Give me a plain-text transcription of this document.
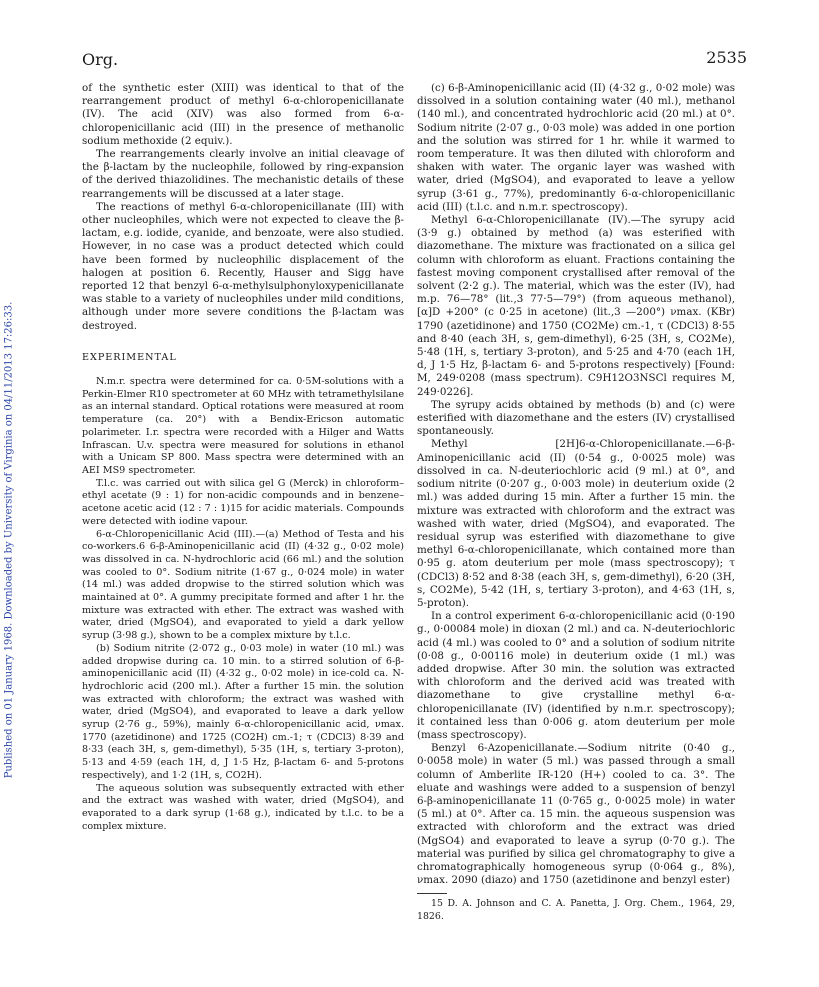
Org.	2535
Published on 01 January 1968. Downloaded by University of Virginia on 04/11/2013 17:26:33.

of the synthetic ester (XIII) was identical to that of the rearrangement product of methyl 6-α-chloropenicillanate (IV). The acid (XIV) was also formed from 6-α-chloropenicillanic acid (III) in the presence of methanolic sodium methoxide (2 equiv.).

The rearrangements clearly involve an initial cleavage of the β-lactam by the nucleophile, followed by ring-expansion of the derived thiazolidines. The mechanistic details of these rearrangements will be discussed at a later stage.

The reactions of methyl 6-α-chloropenicillanate (III) with other nucleophiles, which were not expected to cleave the β-lactam, e.g. iodide, cyanide, and benzoate, were also studied. However, in no case was a product detected which could have been formed by nucleophilic displacement of the halogen at position 6. Recently, Hauser and Sigg have reported 12 that benzyl 6-α-methylsulphonyloxypenicillanate was stable to a variety of nucleophiles under mild conditions, although under more severe conditions the β-lactam was destroyed.

EXPERIMENTAL

N.m.r. spectra were determined for ca. 0·5M-solutions with a Perkin-Elmer R10 spectrometer at 60 MHz with tetramethylsilane as an internal standard. Optical rotations were measured at room temperature (ca. 20°) with a Bendix-Ericson automatic polarimeter. I.r. spectra were recorded with a Hilger and Watts Infrascan. U.v. spectra were measured for solutions in ethanol with a Unicam SP 800. Mass spectra were determined with an AEI MS9 spectrometer.

T.l.c. was carried out with silica gel G (Merck) in chloroform–ethyl acetate (9 : 1) for non-acidic compounds and in benzene–acetone acetic acid (12 : 7 : 1)15 for acidic materials. Compounds were detected with iodine vapour.

6-α-Chloropenicillanic Acid (III).—(a) Method of Testa and his co-workers.6 6-β-Aminopenicillanic acid (II) (4·32 g., 0·02 mole) was dissolved in ca. N-hydrochloric acid (66 ml.) and the solution was cooled to 0°. Sodium nitrite (1·67 g., 0·024 mole) in water (14 ml.) was added dropwise to the stirred solution which was maintained at 0°. A gummy precipitate formed and after 1 hr. the mixture was extracted with ether. The extract was washed with water, dried (MgSO4), and evaporated to yield a dark yellow syrup (3·98 g.), shown to be a complex mixture by t.l.c.

(b) Sodium nitrite (2·072 g., 0·03 mole) in water (10 ml.) was added dropwise during ca. 10 min. to a stirred solution of 6-β-aminopenicillanic acid (II) (4·32 g., 0·02 mole) in ice-cold ca. N-hydrochloric acid (200 ml.). After a further 15 min. the solution was extracted with chloroform; the extract was washed with water, dried (MgSO4), and evaporated to leave a dark yellow syrup (2·76 g., 59%), mainly 6-α-chloropenicillanic acid, νmax. 1770 (azetidinone) and 1725 (CO2H) cm.-1; τ (CDCl3) 8·39 and 8·33 (each 3H, s, gem-dimethyl), 5·35 (1H, s, tertiary 3-proton), 5·13 and 4·59 (each 1H, d, J 1·5 Hz, β-lactam 6- and 5-protons respectively), and 1·2 (1H, s, CO2H).

The aqueous solution was subsequently extracted with ether and the extract was washed with water, dried (MgSO4), and evaporated to a dark syrup (1·68 g.), indicated by t.l.c. to be a complex mixture.

(c) 6-β-Aminopenicillanic acid (II) (4·32 g., 0·02 mole) was dissolved in a solution containing water (40 ml.), methanol (140 ml.), and concentrated hydrochloric acid (20 ml.) at 0°. Sodium nitrite (2·07 g., 0·03 mole) was added in one portion and the solution was stirred for 1 hr. while it warmed to room temperature. It was then diluted with chloroform and shaken with water. The organic layer was washed with water, dried (MgSO4), and evaporated to leave a yellow syrup (3·61 g., 77%), predominantly 6-α-chloropenicillanic acid (III) (t.l.c. and n.m.r. spectroscopy).

Methyl 6-α-Chloropenicillanate (IV).—The syrupy acid (3·9 g.) obtained by method (a) was esterified with diazomethane. The mixture was fractionated on a silica gel column with chloroform as eluant. Fractions containing the fastest moving component crystallised after removal of the solvent (2·2 g.). The material, which was the ester (IV), had m.p. 76—78° (lit.,3 77·5—79°) (from aqueous methanol), [α]D +200° (c 0·25 in acetone) (lit.,3 —200°) νmax. (KBr) 1790 (azetidinone) and 1750 (CO2Me) cm.-1, τ (CDCl3) 8·55 and 8·40 (each 3H, s, gem-dimethyl), 6·25 (3H, s, CO2Me), 5·48 (1H, s, tertiary 3-proton), and 5·25 and 4·70 (each 1H, d, J 1·5 Hz, β-lactam 6- and 5-protons respectively) [Found: M, 249·0208 (mass spectrum). C9H12O3NSCl requires M, 249·0226].

The syrupy acids obtained by methods (b) and (c) were esterified with diazomethane and the esters (IV) crystallised spontaneously.

Methyl [2H]6-α-Chloropenicillanate.—6-β-Aminopenicillanic acid (II) (0·54 g., 0·0025 mole) was dissolved in ca. N-deuteriochloric acid (9 ml.) at 0°, and sodium nitrite (0·207 g., 0·003 mole) in deuterium oxide (2 ml.) was added during 15 min. After a further 15 min. the mixture was extracted with chloroform and the extract was washed with water, dried (MgSO4), and evaporated. The residual syrup was esterified with diazomethane to give methyl 6-α-chloropenicillanate, which contained more than 0·95 g. atom deuterium per mole (mass spectroscopy); τ (CDCl3) 8·52 and 8·38 (each 3H, s, gem-dimethyl), 6·20 (3H, s, CO2Me), 5·42 (1H, s, tertiary 3-proton), and 4·63 (1H, s, 5-proton).

In a control experiment 6-α-chloropenicillanic acid (0·190 g., 0·00084 mole) in dioxan (2 ml.) and ca. N-deuteriochloric acid (4 ml.) was cooled to 0° and a solution of sodium nitrite (0·08 g., 0·00116 mole) in deuterium oxide (1 ml.) was added dropwise. After 30 min. the solution was extracted with chloroform and the derived acid was treated with diazomethane to give crystalline methyl 6-α-chloropenicillanate (IV) (identified by n.m.r. spectroscopy); it contained less than 0·006 g. atom deuterium per mole (mass spectroscopy).

Benzyl 6-Azopenicillanate.—Sodium nitrite (0·40 g., 0·0058 mole) in water (5 ml.) was passed through a small column of Amberlite IR-120 (H+) cooled to ca. 3°. The eluate and washings were added to a suspension of benzyl 6-β-aminopenicillanate 11 (0·765 g., 0·0025 mole) in water (5 ml.) at 0°. After ca. 15 min. the aqueous suspension was extracted with chloroform and the extract was dried (MgSO4) and evaporated to leave a syrup (0·70 g.). The material was purified by silica gel chromatography to give a chromatographically homogeneous syrup (0·064 g., 8%), νmax. 2090 (diazo) and 1750 (azetidinone and benzyl ester)

15 D. A. Johnson and C. A. Panetta, J. Org. Chem., 1964, 29, 1826.
